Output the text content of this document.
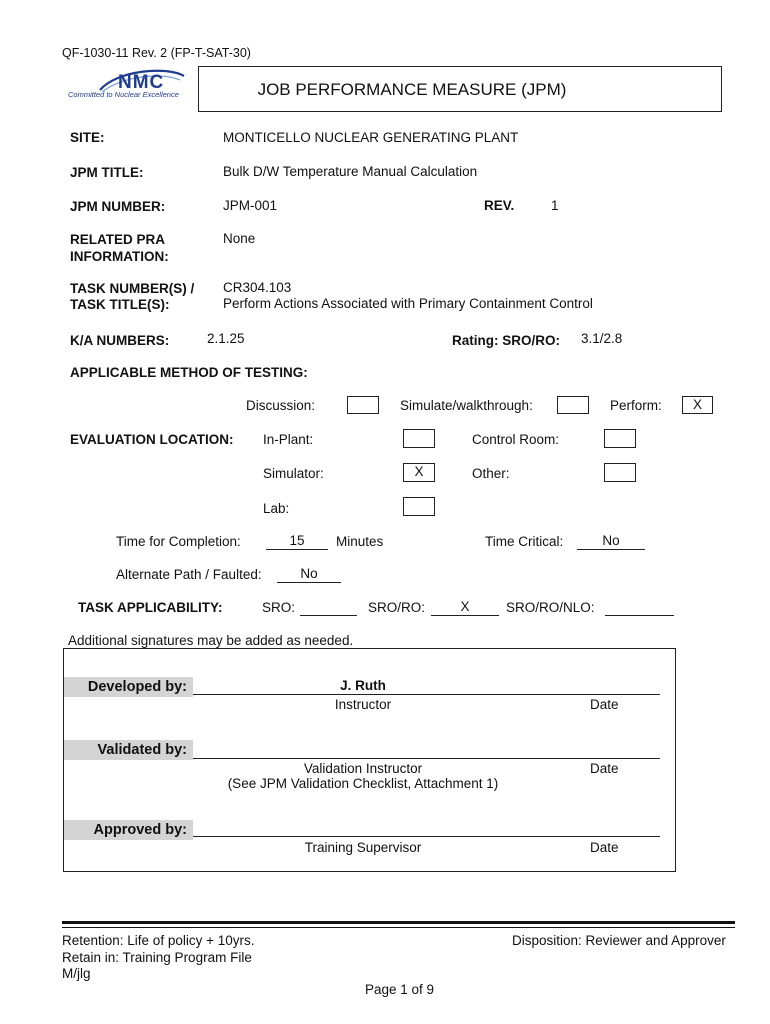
QF-1030-11 Rev. 2 (FP-T-SAT-30)
NMC
Committed to Nuclear Excellence	JOB PERFORMANCE MEASURE (JPM)
SITE:	MONTICELLO NUCLEAR GENERATING PLANT
JPM TITLE:	Bulk D/W Temperature Manual Calculation
JPM NUMBER:	JPM-001	REV.	1
RELATED PRA
INFORMATION:
None
TASK NUMBER(S) /
TASK TITLE(S):
CR304.103
Perform Actions Associated with Primary Containment Control
K/A NUMBERS:	2.1.25	Rating: SRO/RO: 3.1/2.8
APPLICABLE METHOD OF TESTING:
Discussion:	Simulate/walkthrough:	Perform:	X
EVALUATION LOCATION: In-Plant:	Control Room:
Simulator:	X	Other:
Lab:
Time for Completion:	15	Minutes	Time Critical:	No
Alternate Path / Faulted:	No
TASK APPLICABILITY:	SRO:	SRO/RO:	X	SRO/RO/NLO:
Additional signatures may be added as needed.
Developed by:	J. Ruth
Instructor	Date
Validated by:
Validation Instructor
(See JPM Validation Checklist, Attachment 1)
Date
Approved by:
Training Supervisor	Date
Retention: Life of policy + 10yrs.
Retain in: Training Program File
M/jlg
Disposition: Reviewer and Approver
Page 1 of 9
